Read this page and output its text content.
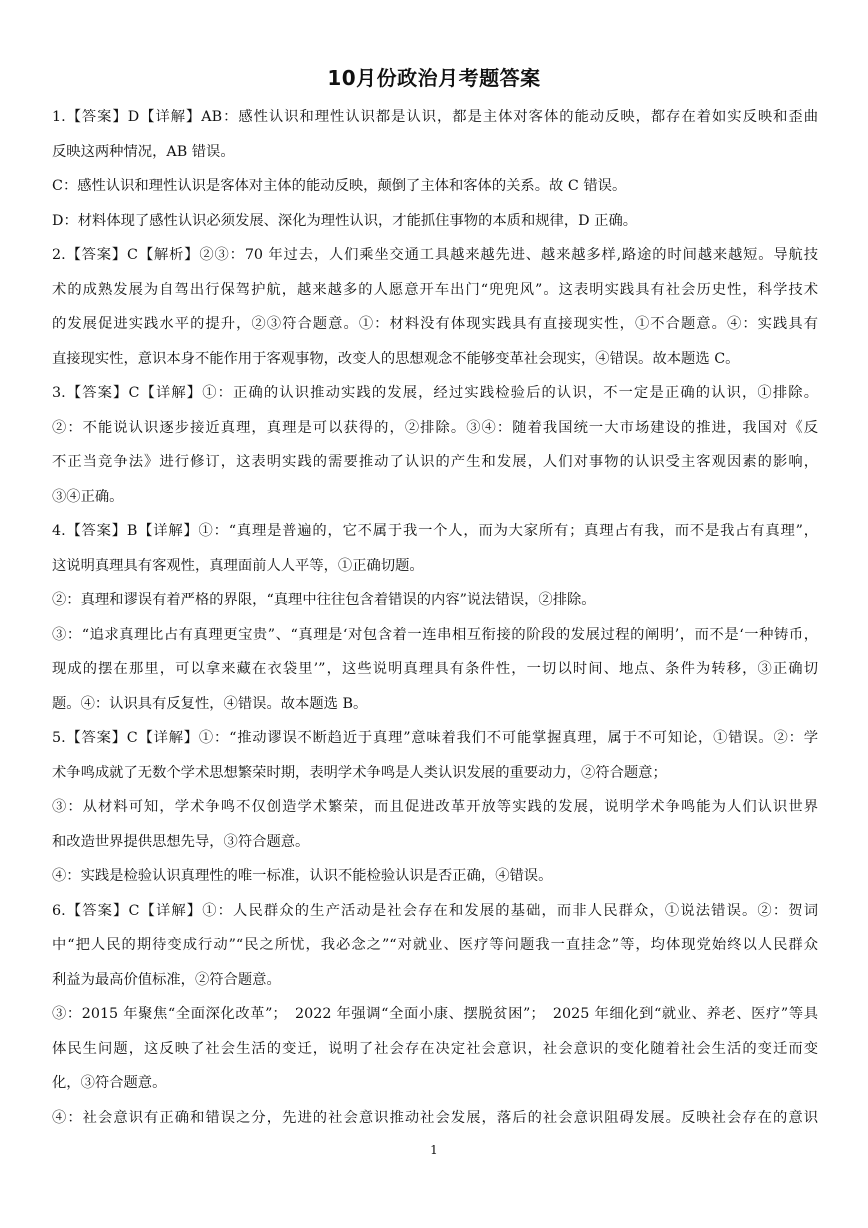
10月份政治月考题答案
1.【答案】D【详解】AB：感性认识和理性认识都是认识，都是主体对客体的能动反映，都存在着如实反映和歪曲
反映这两种情况，AB 错误。
C：感性认识和理性认识是客体对主体的能动反映，颠倒了主体和客体的关系。故 C 错误。
D：材料体现了感性认识必须发展、深化为理性认识，才能抓住事物的本质和规律，D 正确。
2.【答案】C【解析】②③：70 年过去，人们乘坐交通工具越来越先进、越来越多样,路途的时间越来越短。导航技
术的成熟发展为自驾出行保驾护航，越来越多的人愿意开车出门“兜兜风”。这表明实践具有社会历史性，科学技术
的发展促进实践水平的提升，②③符合题意。①：材料没有体现实践具有直接现实性，①不合题意。④：实践具有
直接现实性，意识本身不能作用于客观事物，改变人的思想观念不能够变革社会现实，④错误。故本题选 C。
3.【答案】C【详解】①：正确的认识推动实践的发展，经过实践检验后的认识，不一定是正确的认识，①排除。
②：不能说认识逐步接近真理，真理是可以获得的，②排除。③④：随着我国统一大市场建设的推进，我国对《反
不正当竞争法》进行修订，这表明实践的需要推动了认识的产生和发展，人们对事物的认识受主客观因素的影响，
③④正确。
4.【答案】B【详解】①：“真理是普遍的，它不属于我一个人，而为大家所有；真理占有我，而不是我占有真理”，
这说明真理具有客观性，真理面前人人平等，①正确切题。
②：真理和谬误有着严格的界限，“真理中往往包含着错误的内容”说法错误，②排除。
③：“追求真理比占有真理更宝贵”、“真理是‘对包含着一连串相互衔接的阶段的发展过程的阐明’，而不是‘一种铸币，
现成的摆在那里，可以拿来藏在衣袋里’”，这些说明真理具有条件性，一切以时间、地点、条件为转移，③正确切
题。④：认识具有反复性，④错误。故本题选 B。
5.【答案】C【详解】①：“推动谬误不断趋近于真理”意味着我们不可能掌握真理，属于不可知论，①错误。②：学
术争鸣成就了无数个学术思想繁荣时期，表明学术争鸣是人类认识发展的重要动力，②符合题意；
③：从材料可知，学术争鸣不仅创造学术繁荣，而且促进改革开放等实践的发展，说明学术争鸣能为人们认识世界
和改造世界提供思想先导，③符合题意。
④：实践是检验认识真理性的唯一标准，认识不能检验认识是否正确，④错误。
6.【答案】C【详解】①：人民群众的生产活动是社会存在和发展的基础，而非人民群众，①说法错误。②：贺词
中“把人民的期待变成行动”“民之所忧，我必念之”“对就业、医疗等问题我一直挂念”等，均体现党始终以人民群众
利益为最高价值标准，②符合题意。
③：2015 年聚焦“全面深化改革”；　2022 年强调“全面小康、摆脱贫困”；　2025 年细化到“就业、养老、医疗”等具
体民生问题，这反映了社会生活的变迁，说明了社会存在决定社会意识，社会意识的变化随着社会生活的变迁而变
化，③符合题意。
④：社会意识有正确和错误之分，先进的社会意识推动社会发展，落后的社会意识阻碍发展。反映社会存在的意识
1
